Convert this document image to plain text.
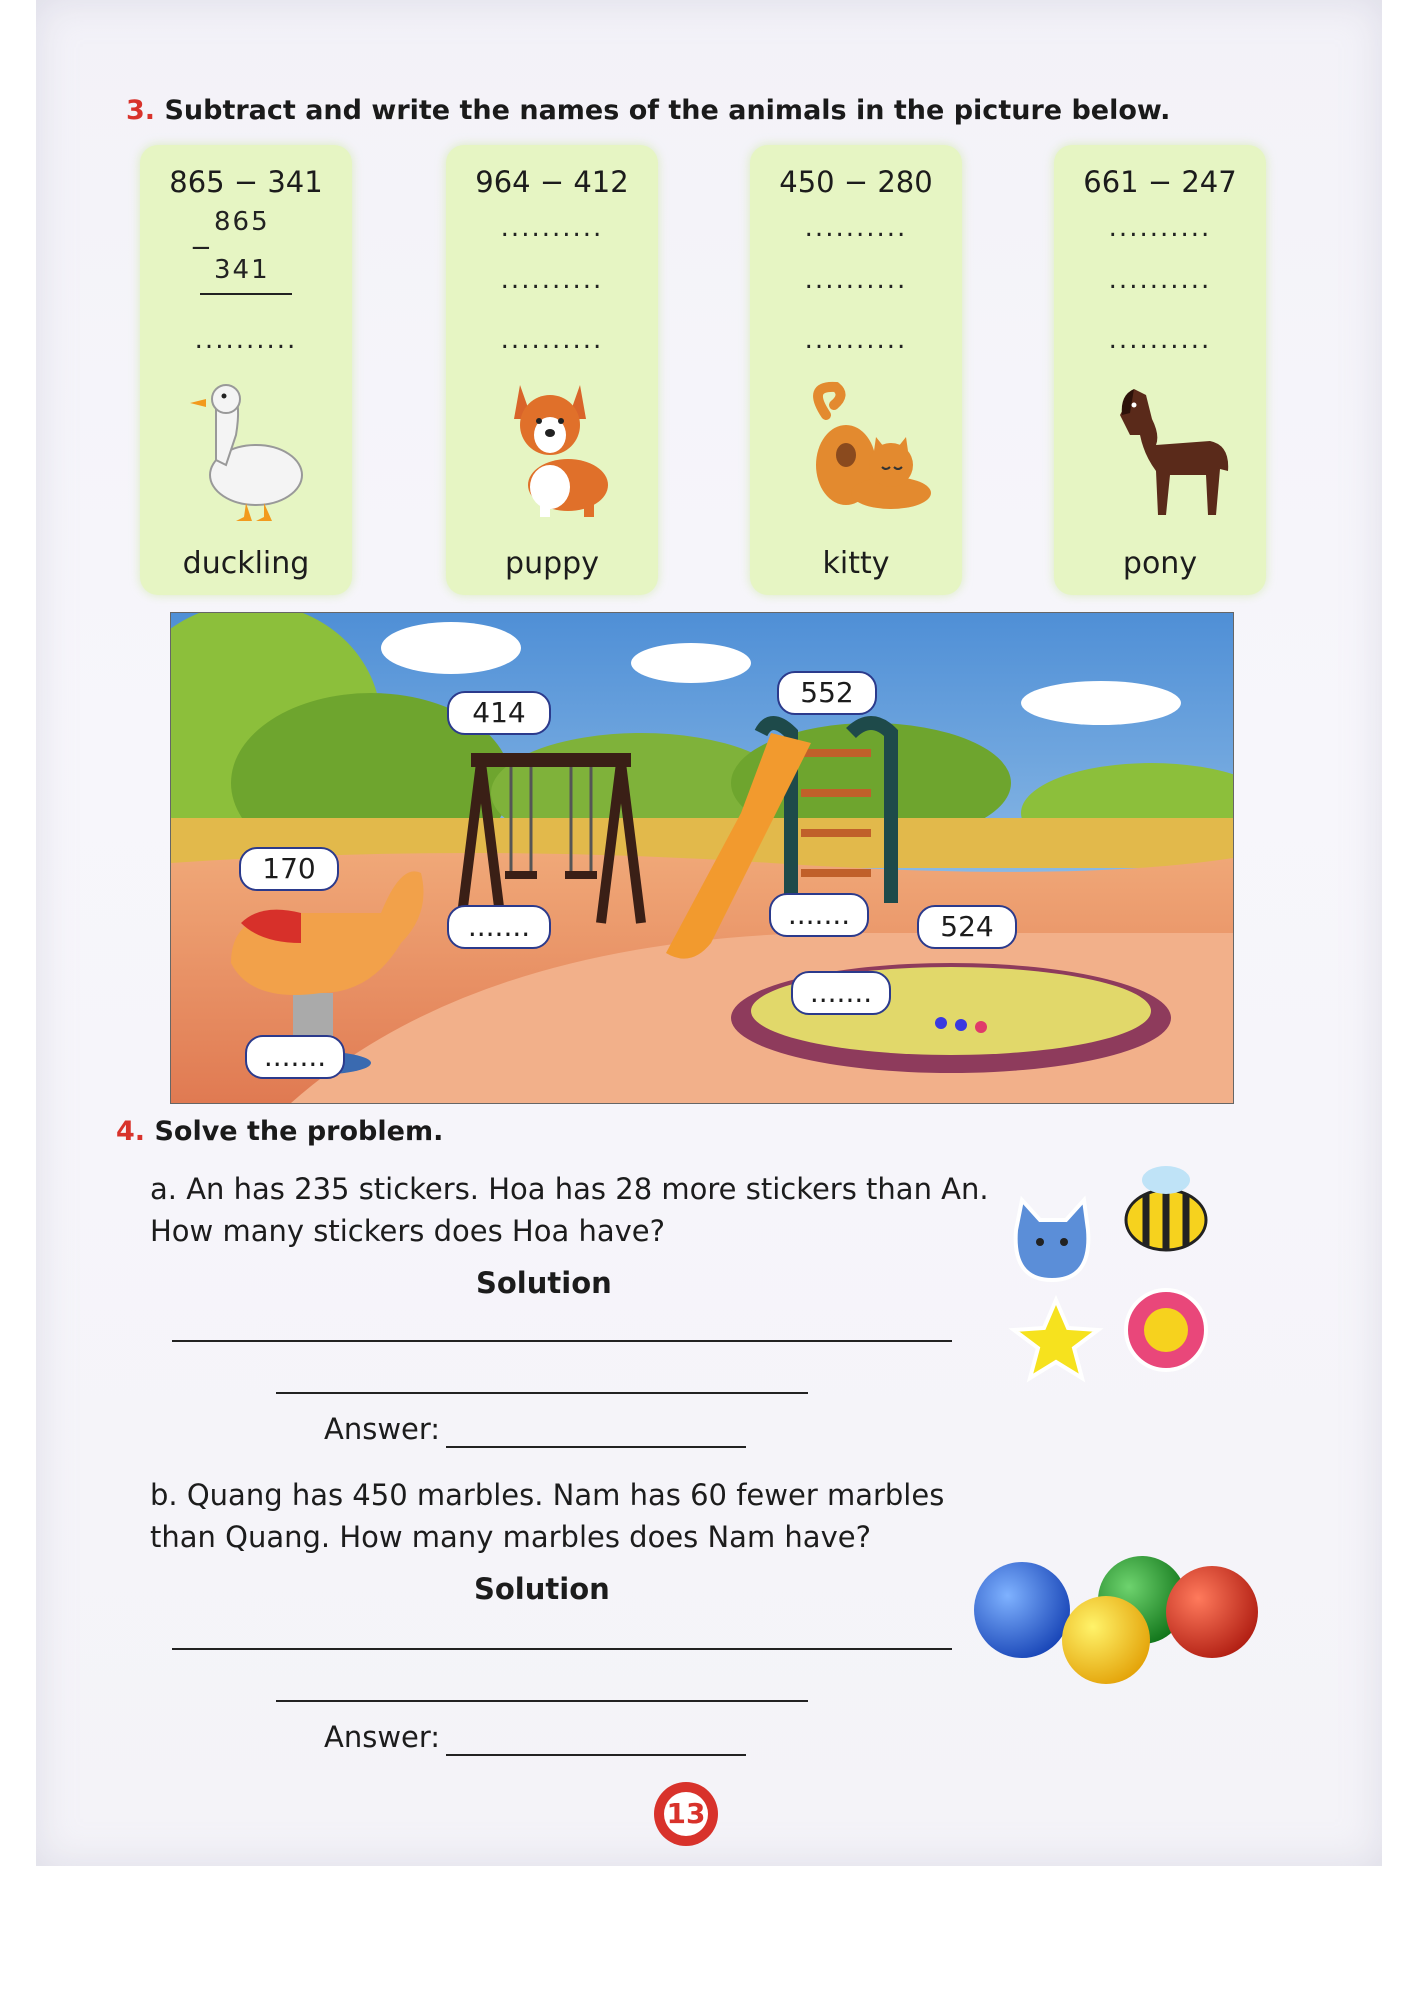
3. Subtract and write the names of the animals in the picture below.
865 − 341
865
−
341
..........
duckling
964 − 412
..........
..........
..........
puppy
450 − 280
..........
..........
..........
kitty
661 − 247
..........
..........
..........
pony
414
552
170
524
.......	.......
.......
.......
4. Solve the problem.
a. An has 235 stickers. Hoa has 28 more stickers than An.
How many stickers does Hoa have?
Solution
Answer:
b. Quang has 450 marbles. Nam has 60 fewer marbles
than Quang. How many marbles does Nam have?
Solution
Answer:
13
